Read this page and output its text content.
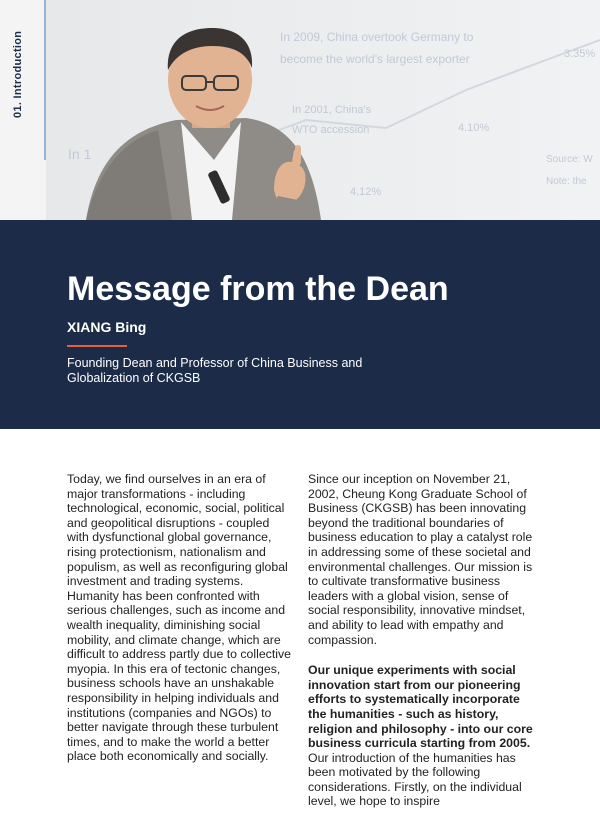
In 2009, China overtook Germany to
become the world's largest exporter
In 2001, China's
WTO accession	4.10%
4.12%
3.35%
Source: W
Note: the
In 1
01. Introduction
Message from the Dean
XIANG Bing
Founding Dean and Professor of China Business and Globalization of CKGSB

Today, we find ourselves in an era of major transformations - including technological, economic, social, political and geopolitical disruptions - coupled with dysfunctional global governance, rising protectionism, nationalism and populism, as well as reconfiguring global investment and trading systems. Humanity has been confronted with serious challenges, such as income and wealth inequality, diminishing social mobility, and climate change, which are difficult to address partly due to collective myopia. In this era of tectonic changes, business schools have an unshakable responsibility in helping individuals and institutions (companies and NGOs) to better navigate through these turbulent times, and to make the world a better place both economically and socially.

Since our inception on November 21, 2002, Cheung Kong Graduate School of Business (CKGSB) has been innovating beyond the traditional boundaries of business education to play a catalyst role in addressing some of these societal and environmental challenges. Our mission is to cultivate transformative business leaders with a global vision, sense of social responsibility, innovative mindset, and ability to lead with empathy and compassion.

Our unique experiments with social innovation start from our pioneering efforts to systematically incorporate the humanities - such as history, religion and philosophy - into our core business curricula starting from 2005. Our introduction of the humanities has been motivated by the following considerations. Firstly, on the individual level, we hope to inspire
